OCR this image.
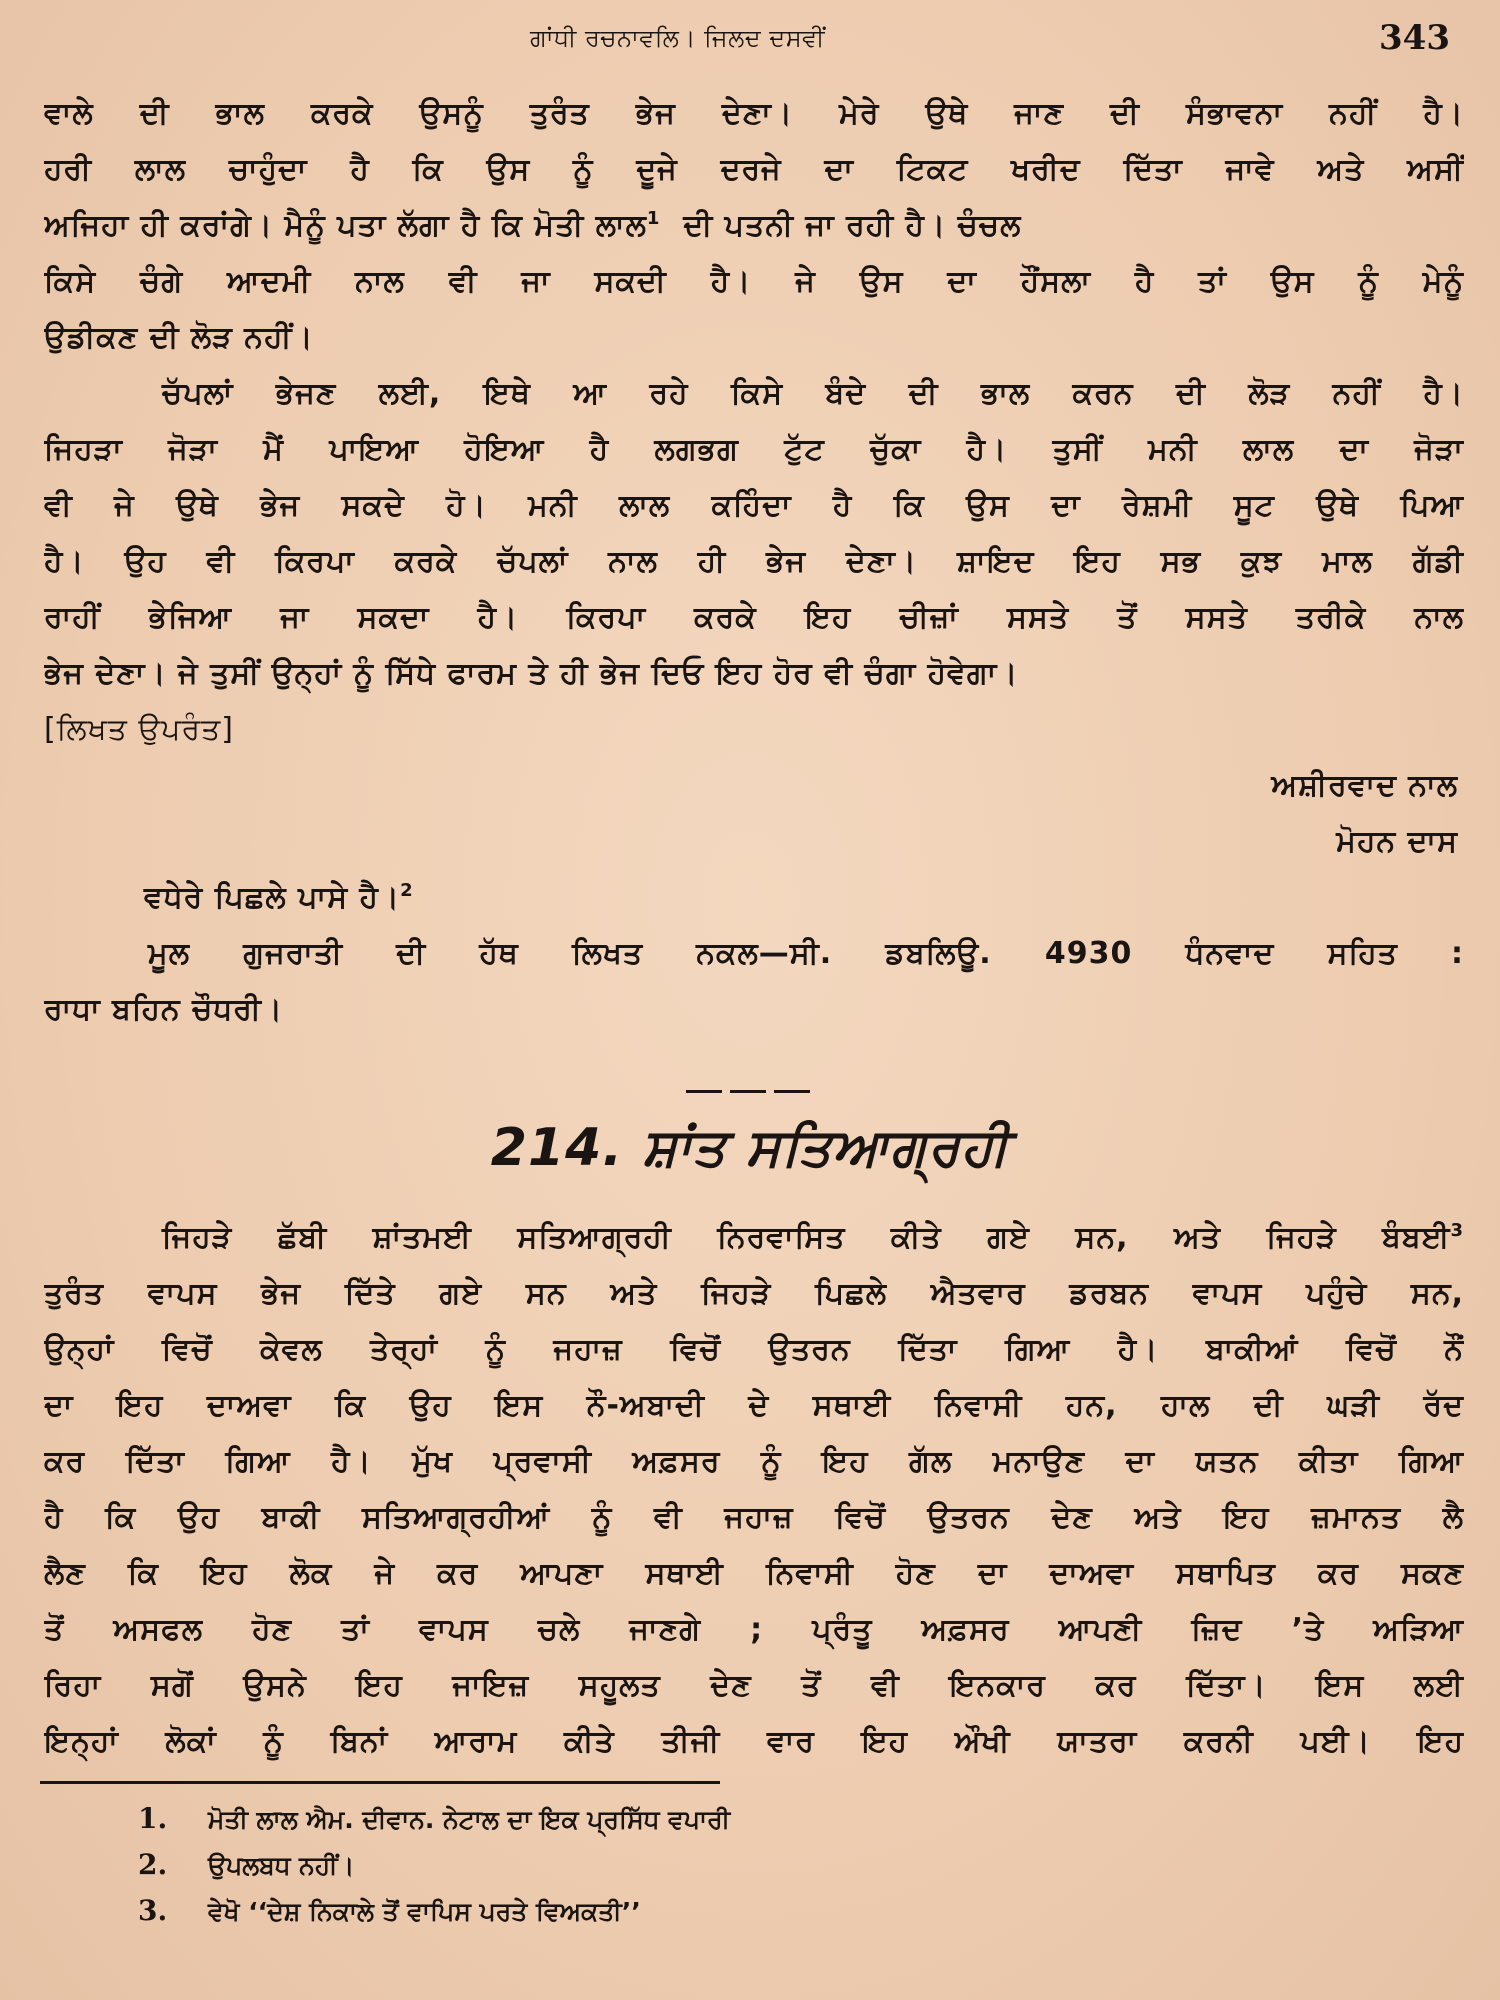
ਗਾਂਧੀ ਰਚਨਾਵਲਿ। ਜਿਲਦ ਦਸਵੀਂ	343
ਵਾਲੇ ਦੀ ਭਾਲ ਕਰਕੇ ਉਸਨੂੰ ਤੁਰੰਤ ਭੇਜ ਦੇਣਾ। ਮੇਰੇ ਉਥੇ ਜਾਣ ਦੀ ਸੰਭਾਵਨਾ ਨਹੀਂ ਹੈ।
ਹਰੀ ਲਾਲ ਚਾਹੁੰਦਾ ਹੈ ਕਿ ਉਸ ਨੂੰ ਦੂਜੇ ਦਰਜੇ ਦਾ ਟਿਕਟ ਖਰੀਦ ਦਿੱਤਾ ਜਾਵੇ ਅਤੇ ਅਸੀਂ
ਅਜਿਹਾ ਹੀ ਕਰਾਂਗੇ। ਮੈਨੂੰ ਪਤਾ ਲੱਗਾ ਹੈ ਕਿ ਮੋਤੀ ਲਾਲ$^1$ ਦੀ ਪਤਨੀ ਜਾ ਰਹੀ ਹੈ। ਚੰਚਲ
ਕਿਸੇ ਚੰਗੇ ਆਦਮੀ ਨਾਲ ਵੀ ਜਾ ਸਕਦੀ ਹੈ। ਜੇ ਉਸ ਦਾ ਹੌਂਸਲਾ ਹੈ ਤਾਂ ਉਸ ਨੂੰ ਮੇਨੂੰ
ਉਡੀਕਣ ਦੀ ਲੋੜ ਨਹੀਂ।
ਚੱਪਲਾਂ ਭੇਜਣ ਲਈ, ਇਥੇ ਆ ਰਹੇ ਕਿਸੇ ਬੰਦੇ ਦੀ ਭਾਲ ਕਰਨ ਦੀ ਲੋੜ ਨਹੀਂ ਹੈ।
ਜਿਹੜਾ ਜੋੜਾ ਮੈਂ ਪਾਇਆ ਹੋਇਆ ਹੈ ਲਗਭਗ ਟੁੱਟ ਚੁੱਕਾ ਹੈ। ਤੁਸੀਂ ਮਨੀ ਲਾਲ ਦਾ ਜੋੜਾ
ਵੀ ਜੇ ਉਥੇ ਭੇਜ ਸਕਦੇ ਹੋ। ਮਨੀ ਲਾਲ ਕਹਿੰਦਾ ਹੈ ਕਿ ਉਸ ਦਾ ਰੇਸ਼ਮੀ ਸੂਟ ਉਥੇ ਪਿਆ
ਹੈ। ਉਹ ਵੀ ਕਿਰਪਾ ਕਰਕੇ ਚੱਪਲਾਂ ਨਾਲ ਹੀ ਭੇਜ ਦੇਣਾ। ਸ਼ਾਇਦ ਇਹ ਸਭ ਕੁਝ ਮਾਲ ਗੱਡੀ
ਰਾਹੀਂ ਭੇਜਿਆ ਜਾ ਸਕਦਾ ਹੈ। ਕਿਰਪਾ ਕਰਕੇ ਇਹ ਚੀਜ਼ਾਂ ਸਸਤੇ ਤੋਂ ਸਸਤੇ ਤਰੀਕੇ ਨਾਲ
ਭੇਜ ਦੇਣਾ। ਜੇ ਤੁਸੀਂ ਉਨ੍ਹਾਂ ਨੂੰ ਸਿੱਧੇ ਫਾਰਮ ਤੇ ਹੀ ਭੇਜ ਦਿਓ ਇਹ ਹੋਰ ਵੀ ਚੰਗਾ ਹੋਵੇਗਾ।
[ਲਿਖਤ ਉਪਰੰਤ]
ਅਸ਼ੀਰਵਾਦ ਨਾਲ
ਮੋਹਨ ਦਾਸ
ਵਧੇਰੇ ਪਿਛਲੇ ਪਾਸੇ ਹੈ।$^2$
ਮੂਲ ਗੁਜਰਾਤੀ ਦੀ ਹੱਥ ਲਿਖਤ ਨਕਲ—ਸੀ. ਡਬਲਿਊ. 4930 ਧੰਨਵਾਦ ਸਹਿਤ :
ਰਾਧਾ ਬਹਿਨ ਚੌਧਰੀ।
214. ਸ਼ਾਂਤ ਸਤਿਆਗ੍ਰਹੀ
ਜਿਹੜੇ ਛੱਬੀ ਸ਼ਾਂਤਮਈ ਸਤਿਆਗ੍ਰਹੀ ਨਿਰਵਾਸਿਤ ਕੀਤੇ ਗਏ ਸਨ, ਅਤੇ ਜਿਹੜੇ ਬੰਬਈ$^3$
ਤੁਰੰਤ ਵਾਪਸ ਭੇਜ ਦਿੱਤੇ ਗਏ ਸਨ ਅਤੇ ਜਿਹੜੇ ਪਿਛਲੇ ਐਤਵਾਰ ਡਰਬਨ ਵਾਪਸ ਪਹੁੰਚੇ ਸਨ,
ਉਨ੍ਹਾਂ ਵਿਚੋਂ ਕੇਵਲ ਤੇਰ੍ਹਾਂ ਨੂੰ ਜਹਾਜ਼ ਵਿਚੋਂ ਉਤਰਨ ਦਿੱਤਾ ਗਿਆ ਹੈ। ਬਾਕੀਆਂ ਵਿਚੋਂ ਨੌਂ
ਦਾ ਇਹ ਦਾਅਵਾ ਕਿ ਉਹ ਇਸ ਨੌ-ਅਬਾਦੀ ਦੇ ਸਥਾਈ ਨਿਵਾਸੀ ਹਨ, ਹਾਲ ਦੀ ਘੜੀ ਰੱਦ
ਕਰ ਦਿੱਤਾ ਗਿਆ ਹੈ। ਮੁੱਖ ਪ੍ਰਵਾਸੀ ਅਫ਼ਸਰ ਨੂੰ ਇਹ ਗੱਲ ਮਨਾਉਣ ਦਾ ਯਤਨ ਕੀਤਾ ਗਿਆ
ਹੈ ਕਿ ਉਹ ਬਾਕੀ ਸਤਿਆਗ੍ਰਹੀਆਂ ਨੂੰ ਵੀ ਜਹਾਜ਼ ਵਿਚੋਂ ਉਤਰਨ ਦੇਣ ਅਤੇ ਇਹ ਜ਼ਮਾਨਤ ਲੈ
ਲੈਣ ਕਿ ਇਹ ਲੋਕ ਜੇ ਕਰ ਆਪਣਾ ਸਥਾਈ ਨਿਵਾਸੀ ਹੋਣ ਦਾ ਦਾਅਵਾ ਸਥਾਪਿਤ ਕਰ ਸਕਣ
ਤੋਂ ਅਸਫਲ ਹੋਣ ਤਾਂ ਵਾਪਸ ਚਲੇ ਜਾਣਗੇ ; ਪ੍ਰੰਤੂ ਅਫ਼ਸਰ ਆਪਣੀ ਜ਼ਿਦ ’ਤੇ ਅੜਿਆ
ਰਿਹਾ ਸਗੋਂ ਉਸਨੇ ਇਹ ਜਾਇਜ਼ ਸਹੂਲਤ ਦੇਣ ਤੋਂ ਵੀ ਇਨਕਾਰ ਕਰ ਦਿੱਤਾ। ਇਸ ਲਈ
ਇਨ੍ਹਾਂ ਲੋਕਾਂ ਨੂੰ ਬਿਨਾਂ ਆਰਾਮ ਕੀਤੇ ਤੀਜੀ ਵਾਰ ਇਹ ਔਖੀ ਯਾਤਰਾ ਕਰਨੀ ਪਈ। ਇਹ
1. ਮੋਤੀ ਲਾਲ ਐਮ. ਦੀਵਾਨ. ਨੇਟਾਲ ਦਾ ਇਕ ਪ੍ਰਸਿੱਧ ਵਪਾਰੀ
2. ਉਪਲਬਧ ਨਹੀਂ।
3. ਵੇਖੋ ‘‘ਦੇਸ਼ ਨਿਕਾਲੇ ਤੋਂ ਵਾਪਿਸ ਪਰਤੇ ਵਿਅਕਤੀ’’
